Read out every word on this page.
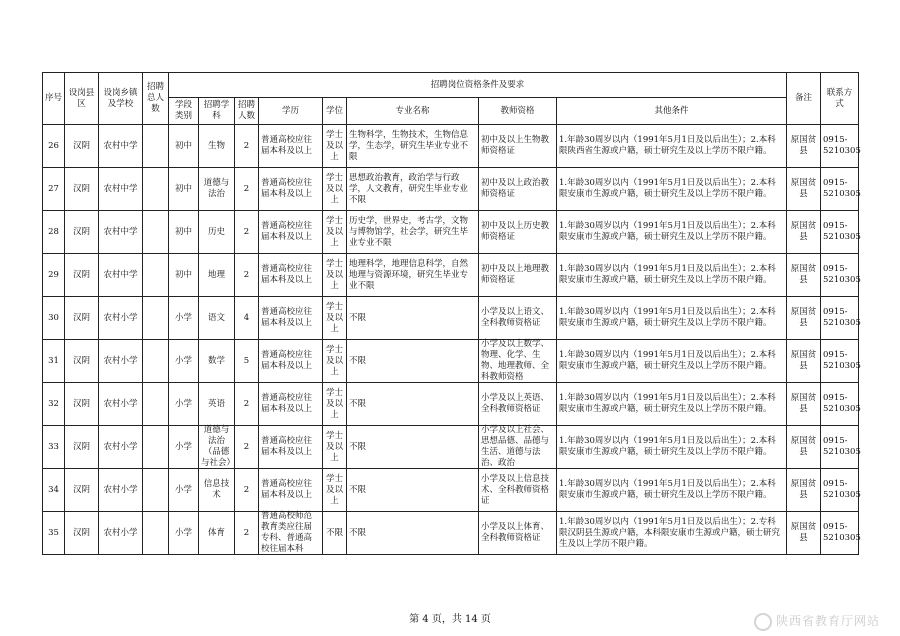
序号	设岗县区	设岗乡镇及学校	招聘总人数	招聘岗位资格条件及要求								备注	联系方式
				学段类别	招聘学科	招聘人数	学历	学位	专业名称	教师资格	其他条件		

26	汉阴	农村中学		初中	生物	2	普通高校应往届本科及以上	学士及以上	生物科学，生物技术，生物信息学，生态学，研究生毕业专业不限	初中及以上生物教师资格证	1.年龄30周岁以内（1991年5月1日及以后出生）；2.本科限陕西省生源或户籍，硕士研究生及以上学历不限户籍。	原国贫县	0915-5210305

27	汉阴	农村中学		初中	道德与法治	2	普通高校应往届本科及以上	学士及以上	思想政治教育，政治学与行政学，人文教育，研究生毕业专业不限	初中及以上政治教师资格证	1.年龄30周岁以内（1991年5月1日及以后出生）；2.本科限安康市生源或户籍，硕士研究生及以上学历不限户籍。	原国贫县	0915-5210305

28	汉阴	农村中学		初中	历史	2	普通高校应往届本科及以上	学士及以上	历史学，世界史，考古学，文物与博物馆学，社会学，研究生毕业专业不限	初中及以上历史教师资格证	1.年龄30周岁以内（1991年5月1日及以后出生）；2.本科限安康市生源或户籍，硕士研究生及以上学历不限户籍。	原国贫县	0915-5210305

29	汉阴	农村中学		初中	地理	2	普通高校应往届本科及以上	学士及以上	地理科学，地理信息科学，自然地理与资源环境，研究生毕业专业不限	初中及以上地理教师资格证	1.年龄30周岁以内（1991年5月1日及以后出生）；2.本科限安康市生源或户籍，硕士研究生及以上学历不限户籍。	原国贫县	0915-5210305

30	汉阴	农村小学		小学	语文	4	普通高校应往届本科及以上	学士及以上	不限	小学及以上语文、全科教师资格证	1.年龄30周岁以内（1991年5月1日及以后出生）；2.本科限安康市生源或户籍，硕士研究生及以上学历不限户籍。	原国贫县	0915-5210305

31	汉阴	农村小学		小学	数学	5	普通高校应往届本科及以上	学士及以上	不限	小学及以上数学、物理、化学、生物、地理教师、全科教师资格	1.年龄30周岁以内（1991年5月1日及以后出生）；2.本科限安康市生源或户籍，硕士研究生及以上学历不限户籍。	原国贫县	0915-5210305

32	汉阴	农村小学		小学	英语	2	普通高校应往届本科及以上	学士及以上	不限	小学及以上英语、全科教师资格证	1.年龄30周岁以内（1991年5月1日及以后出生）；2.本科限安康市生源或户籍，硕士研究生及以上学历不限户籍。	原国贫县	0915-5210305

33	汉阴	农村小学		小学	道德与法治（品德与社会）	2	普通高校应往届本科及以上	学士及以上	不限	小学及以上社会、思想品德、品德与生活、道德与法治、政治	1.年龄30周岁以内（1991年5月1日及以后出生）；2.本科限安康市生源或户籍，硕士研究生及以上学历不限户籍。	原国贫县	0915-5210305

34	汉阴	农村小学		小学	信息技术	2	普通高校应往届本科及以上	学士及以上	不限	小学及以上信息技术、全科教师资格证	1.年龄30周岁以内（1991年5月1日及以后出生）；2.本科限安康市生源或户籍，硕士研究生及以上学历不限户籍。	原国贫县	0915-5210305

35	汉阴	农村小学		小学	体育	2	普通高校师范教育类应往届专科、普通高校往届本科	不限	不限	小学及以上体育、全科教师资格证	1.年龄30周岁以内（1991年5月1日及以后出生）；2.专科限汉阴县生源或户籍，本科限安康市生源或户籍，硕士研究生及以上学历不限户籍。	原国贫县	0915-5210305
第 4 页，共 14 页	陕西省教育厅网站
